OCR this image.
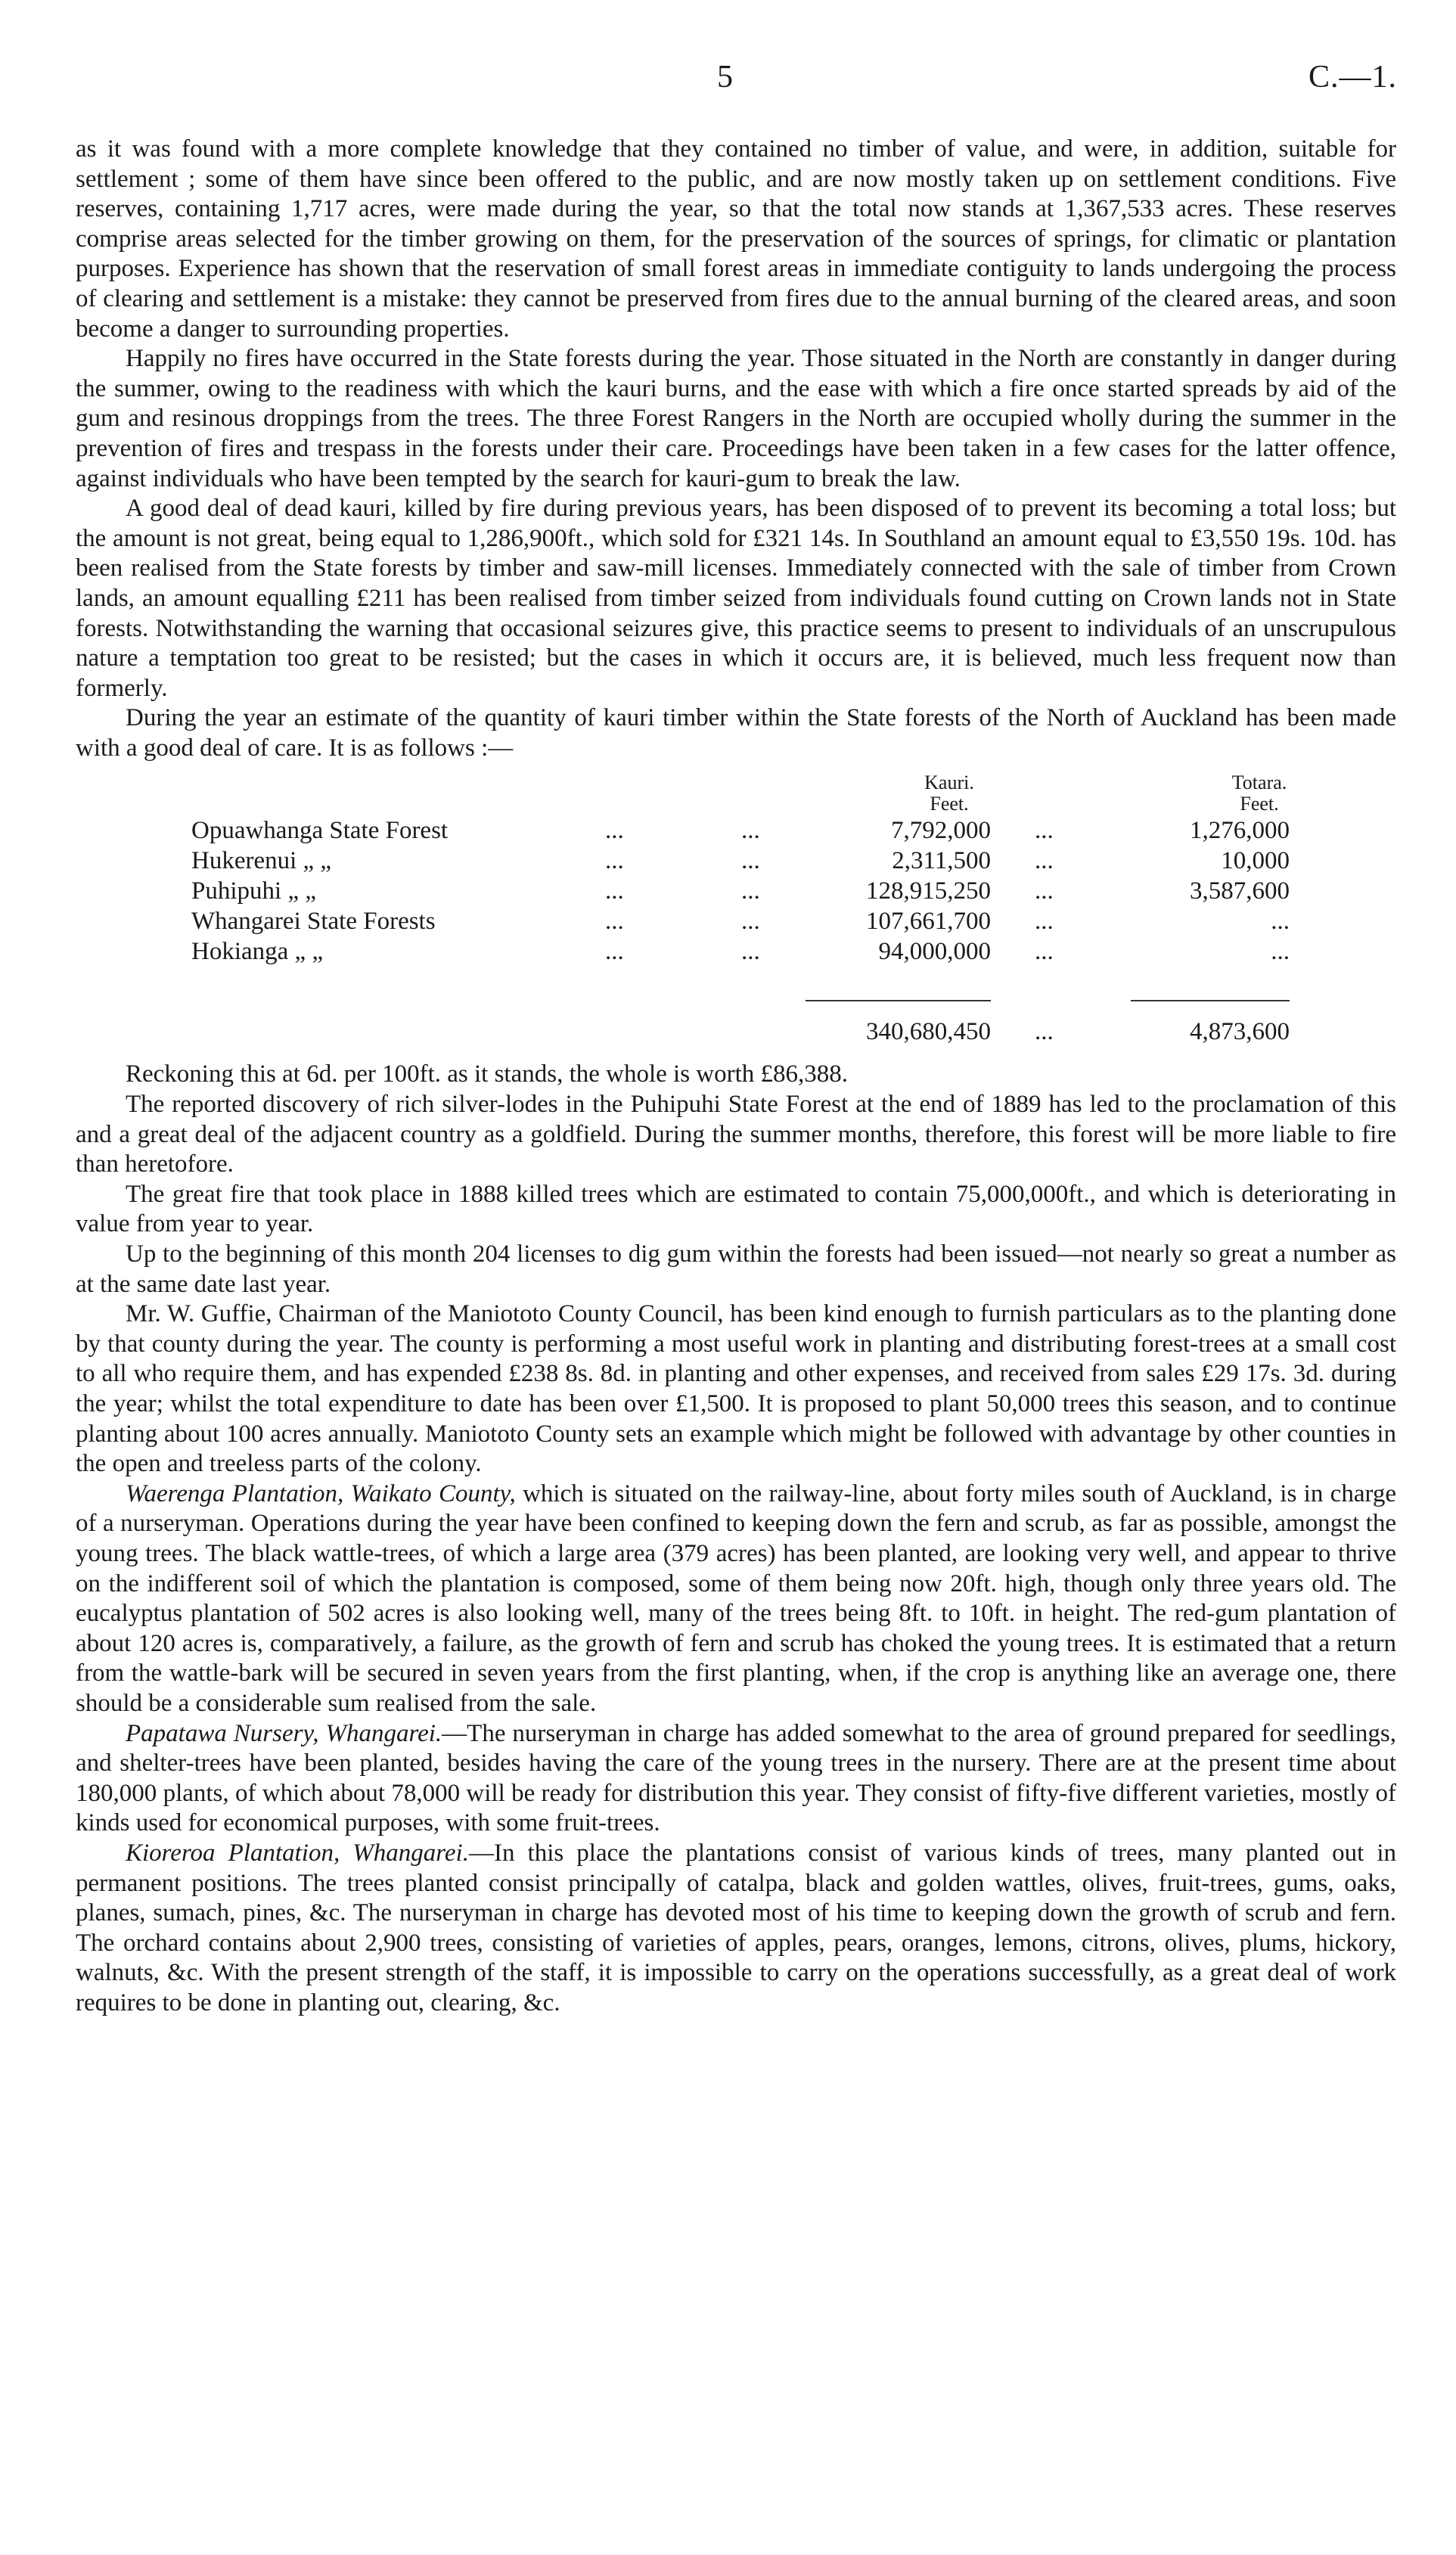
5	C.—1.

as it was found with a more complete knowledge that they contained no timber of value, and were, in addition, suitable for settlement ; some of them have since been offered to the public, and are now mostly taken up on settlement conditions. Five reserves, containing 1,717 acres, were made during the year, so that the total now stands at 1,367,533 acres. These reserves comprise areas selected for the timber growing on them, for the preservation of the sources of springs, for climatic or plantation purposes. Experience has shown that the reservation of small forest areas in immediate contiguity to lands undergoing the process of clearing and settlement is a mistake: they cannot be preserved from fires due to the annual burning of the cleared areas, and soon become a danger to surrounding properties.

Happily no fires have occurred in the State forests during the year. Those situated in the North are constantly in danger during the summer, owing to the readiness with which the kauri burns, and the ease with which a fire once started spreads by aid of the gum and resinous droppings from the trees. The three Forest Rangers in the North are occupied wholly during the summer in the prevention of fires and trespass in the forests under their care. Proceedings have been taken in a few cases for the latter offence, against individuals who have been tempted by the search for kauri-gum to break the law.

A good deal of dead kauri, killed by fire during previous years, has been disposed of to prevent its becoming a total loss; but the amount is not great, being equal to 1,286,900ft., which sold for £321 14s. In Southland an amount equal to £3,550 19s. 10d. has been realised from the State forests by timber and saw-mill licenses. Immediately connected with the sale of timber from Crown lands, an amount equalling £211 has been realised from timber seized from individuals found cutting on Crown lands not in State forests. Notwithstanding the warning that occasional seizures give, this practice seems to present to individuals of an unscrupulous nature a temptation too great to be resisted; but the cases in which it occurs are, it is believed, much less frequent now than formerly.

During the year an estimate of the quantity of kauri timber within the State forests of the North of Auckland has been made with a good deal of care. It is as follows :—

Kauri.
Feet.
Totara.
Feet.
Opuawhanga State Forest	...	...	7,792,000 ...	1,276,000
Hukerenui „ „	...	...	2,311,500 ...	10,000
Puhipuhi „ „	...	...	128,915,250 ...	3,587,600
Whangarei State Forests	...	...	107,661,700 ...	...
Hokianga „ „	...	...	94,000,000 ...	...
340,680,450 ...	4,873,600

Reckoning this at 6d. per 100ft. as it stands, the whole is worth £86,388.

The reported discovery of rich silver-lodes in the Puhipuhi State Forest at the end of 1889 has led to the proclamation of this and a great deal of the adjacent country as a goldfield. During the summer months, therefore, this forest will be more liable to fire than heretofore.

The great fire that took place in 1888 killed trees which are estimated to contain 75,000,000ft., and which is deteriorating in value from year to year.

Up to the beginning of this month 204 licenses to dig gum within the forests had been issued—not nearly so great a number as at the same date last year.

Mr. W. Guffie, Chairman of the Maniototo County Council, has been kind enough to furnish particulars as to the planting done by that county during the year. The county is performing a most useful work in planting and distributing forest-trees at a small cost to all who require them, and has expended £238 8s. 8d. in planting and other expenses, and received from sales £29 17s. 3d. during the year; whilst the total expenditure to date has been over £1,500. It is proposed to plant 50,000 trees this season, and to continue planting about 100 acres annually. Maniototo County sets an example which might be followed with advantage by other counties in the open and treeless parts of the colony.

Waerenga Plantation, Waikato County, which is situated on the railway-line, about forty miles south of Auckland, is in charge of a nurseryman. Operations during the year have been confined to keeping down the fern and scrub, as far as possible, amongst the young trees. The black wattle-trees, of which a large area (379 acres) has been planted, are looking very well, and appear to thrive on the indifferent soil of which the plantation is composed, some of them being now 20ft. high, though only three years old. The eucalyptus plantation of 502 acres is also looking well, many of the trees being 8ft. to 10ft. in height. The red-gum plantation of about 120 acres is, comparatively, a failure, as the growth of fern and scrub has choked the young trees. It is estimated that a return from the wattle-bark will be secured in seven years from the first planting, when, if the crop is anything like an average one, there should be a considerable sum realised from the sale.

Papatawa Nursery, Whangarei.—The nurseryman in charge has added somewhat to the area of ground prepared for seedlings, and shelter-trees have been planted, besides having the care of the young trees in the nursery. There are at the present time about 180,000 plants, of which about 78,000 will be ready for distribution this year. They consist of fifty-five different varieties, mostly of kinds used for economical purposes, with some fruit-trees.

Kioreroa Plantation, Whangarei.—In this place the plantations consist of various kinds of trees, many planted out in permanent positions. The trees planted consist principally of catalpa, black and golden wattles, olives, fruit-trees, gums, oaks, planes, sumach, pines, &c. The nurseryman in charge has devoted most of his time to keeping down the growth of scrub and fern. The orchard contains about 2,900 trees, consisting of varieties of apples, pears, oranges, lemons, citrons, olives, plums, hickory, walnuts, &c. With the present strength of the staff, it is impossible to carry on the operations successfully, as a great deal of work requires to be done in planting out, clearing, &c.
